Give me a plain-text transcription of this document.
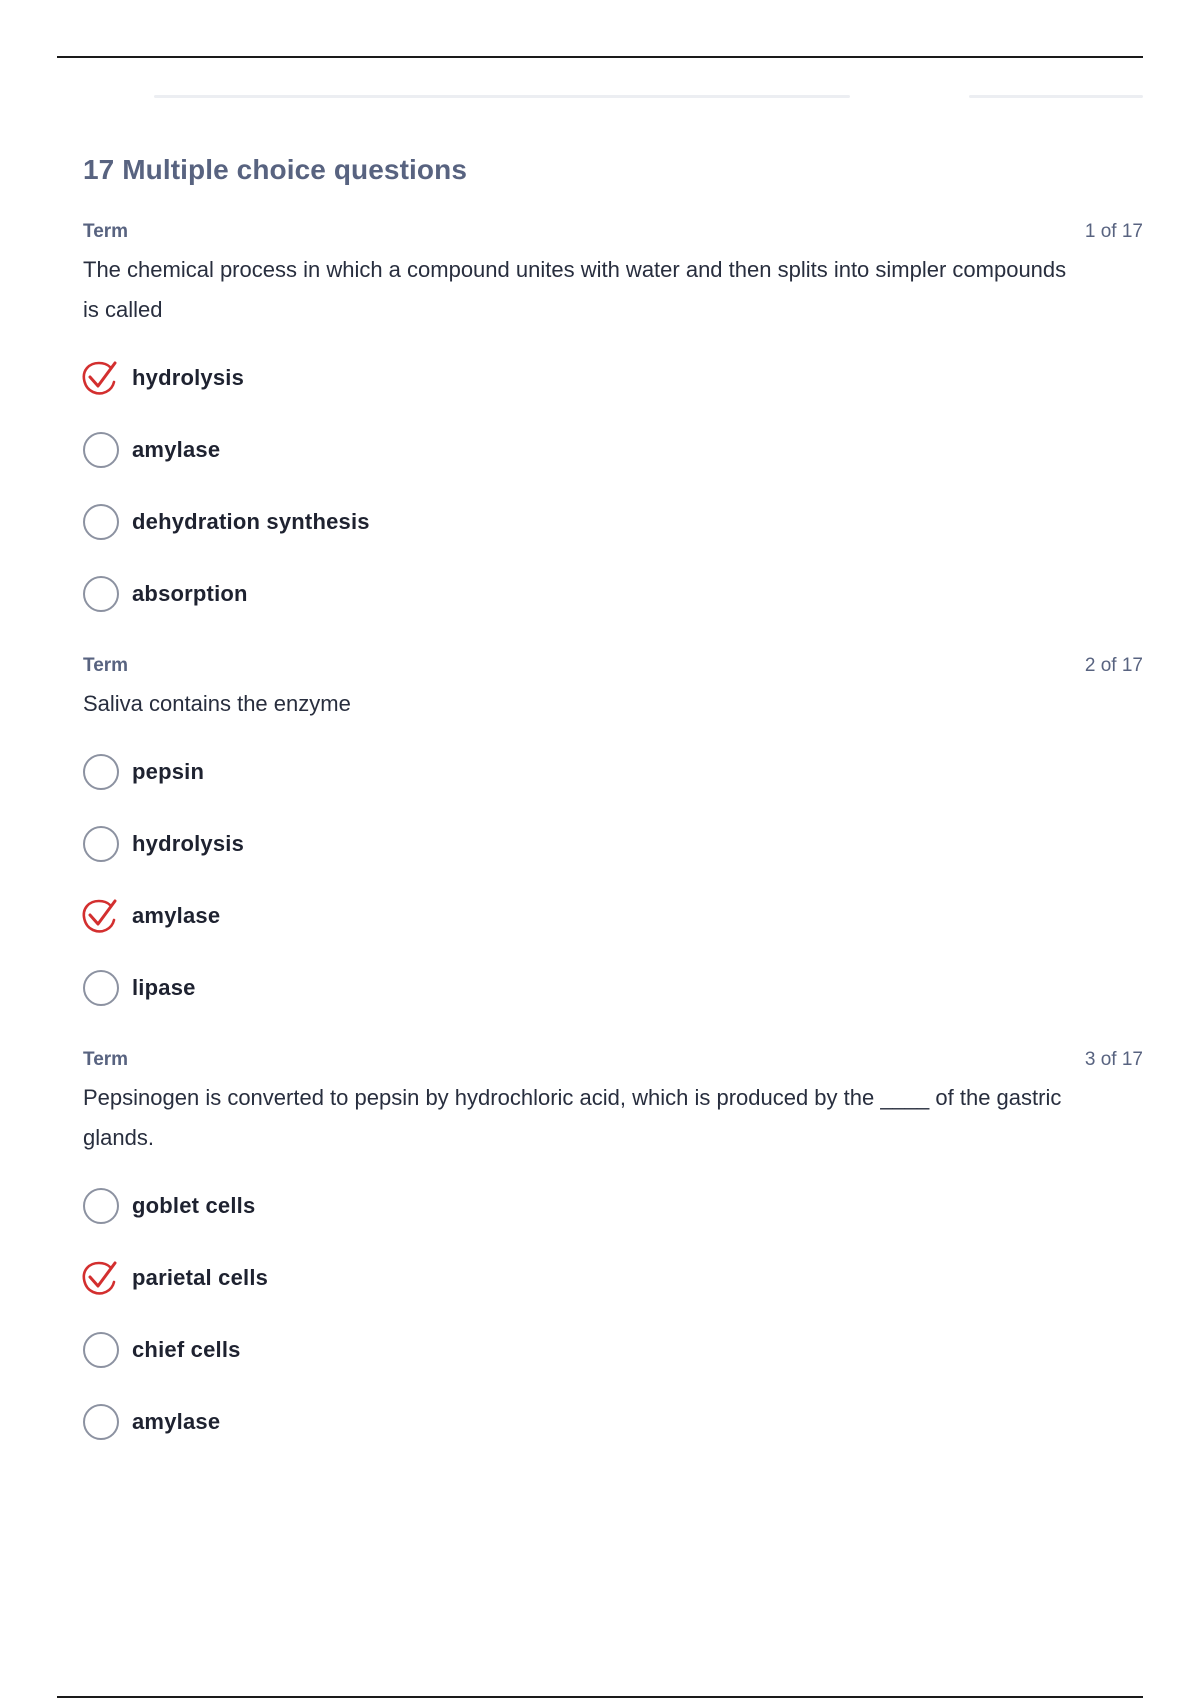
17 Multiple choice questions
Term	1 of 17
The chemical process in which a compound unites with water and then splits into simpler compounds is called
hydrolysis
amylase
dehydration synthesis
absorption
Term	2 of 17
Saliva contains the enzyme
pepsin
hydrolysis
amylase
lipase
Term	3 of 17
Pepsinogen is converted to pepsin by hydrochloric acid, which is produced by the ____ of the gastric glands.
goblet cells
parietal cells
chief cells
amylase
